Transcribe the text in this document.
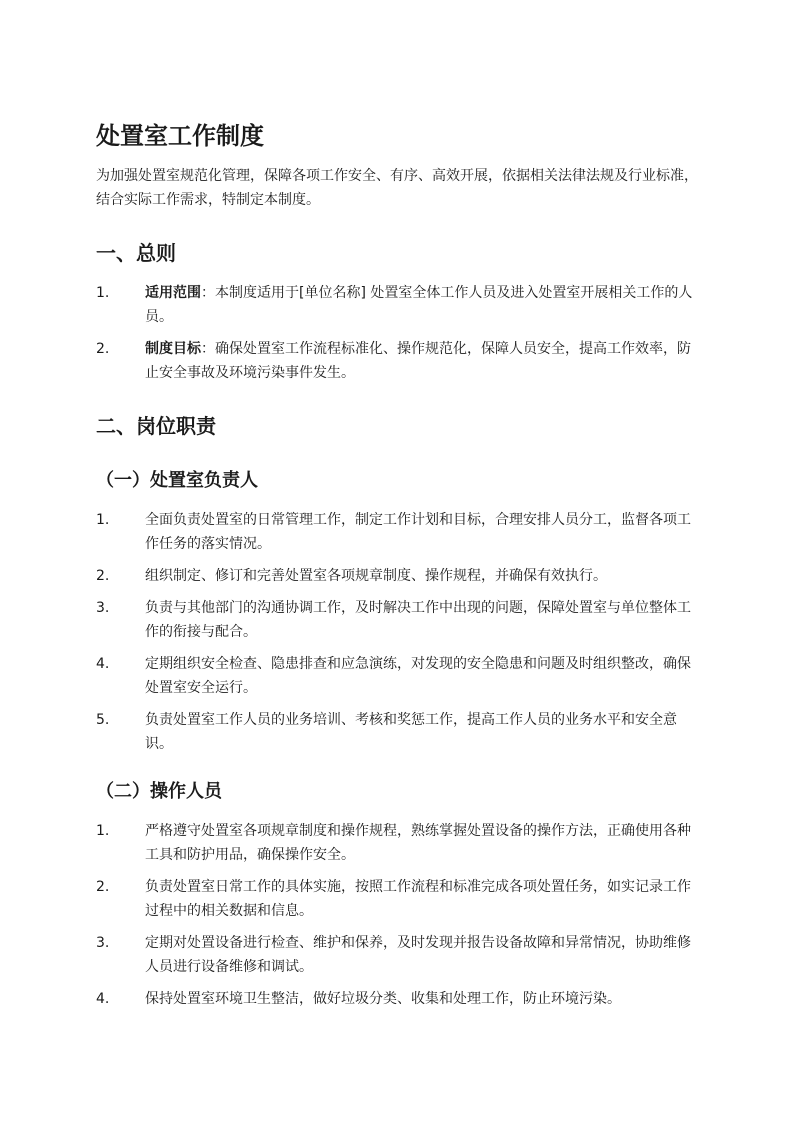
处置室工作制度

为加强处置室规范化管理，保障各项工作安全、有序、高效开展，依据相关法律法规及行业标准，结合实际工作需求，特制定本制度。

一、总则
1.	适用范围：本制度适用于[单位名称] 处置室全体工作人员及进入处置室开展相关工作的人员。
2.	制度目标：确保处置室工作流程标准化、操作规范化，保障人员安全，提高工作效率，防止安全事故及环境污染事件发生。
二、岗位职责
（一）处置室负责人
1.	全面负责处置室的日常管理工作，制定工作计划和目标，合理安排人员分工，监督各项工作任务的落实情况。
2.	组织制定、修订和完善处置室各项规章制度、操作规程，并确保有效执行。
3.	负责与其他部门的沟通协调工作，及时解决工作中出现的问题，保障处置室与单位整体工作的衔接与配合。
4.	定期组织安全检查、隐患排查和应急演练，对发现的安全隐患和问题及时组织整改，确保处置室安全运行。
5.	负责处置室工作人员的业务培训、考核和奖惩工作，提高工作人员的业务水平和安全意识。
（二）操作人员
1.	严格遵守处置室各项规章制度和操作规程，熟练掌握处置设备的操作方法，正确使用各种工具和防护用品，确保操作安全。
2.	负责处置室日常工作的具体实施，按照工作流程和标准完成各项处置任务，如实记录工作过程中的相关数据和信息。
3.	定期对处置设备进行检查、维护和保养，及时发现并报告设备故障和异常情况，协助维修人员进行设备维修和调试。
4.	保持处置室环境卫生整洁，做好垃圾分类、收集和处理工作，防止环境污染。
